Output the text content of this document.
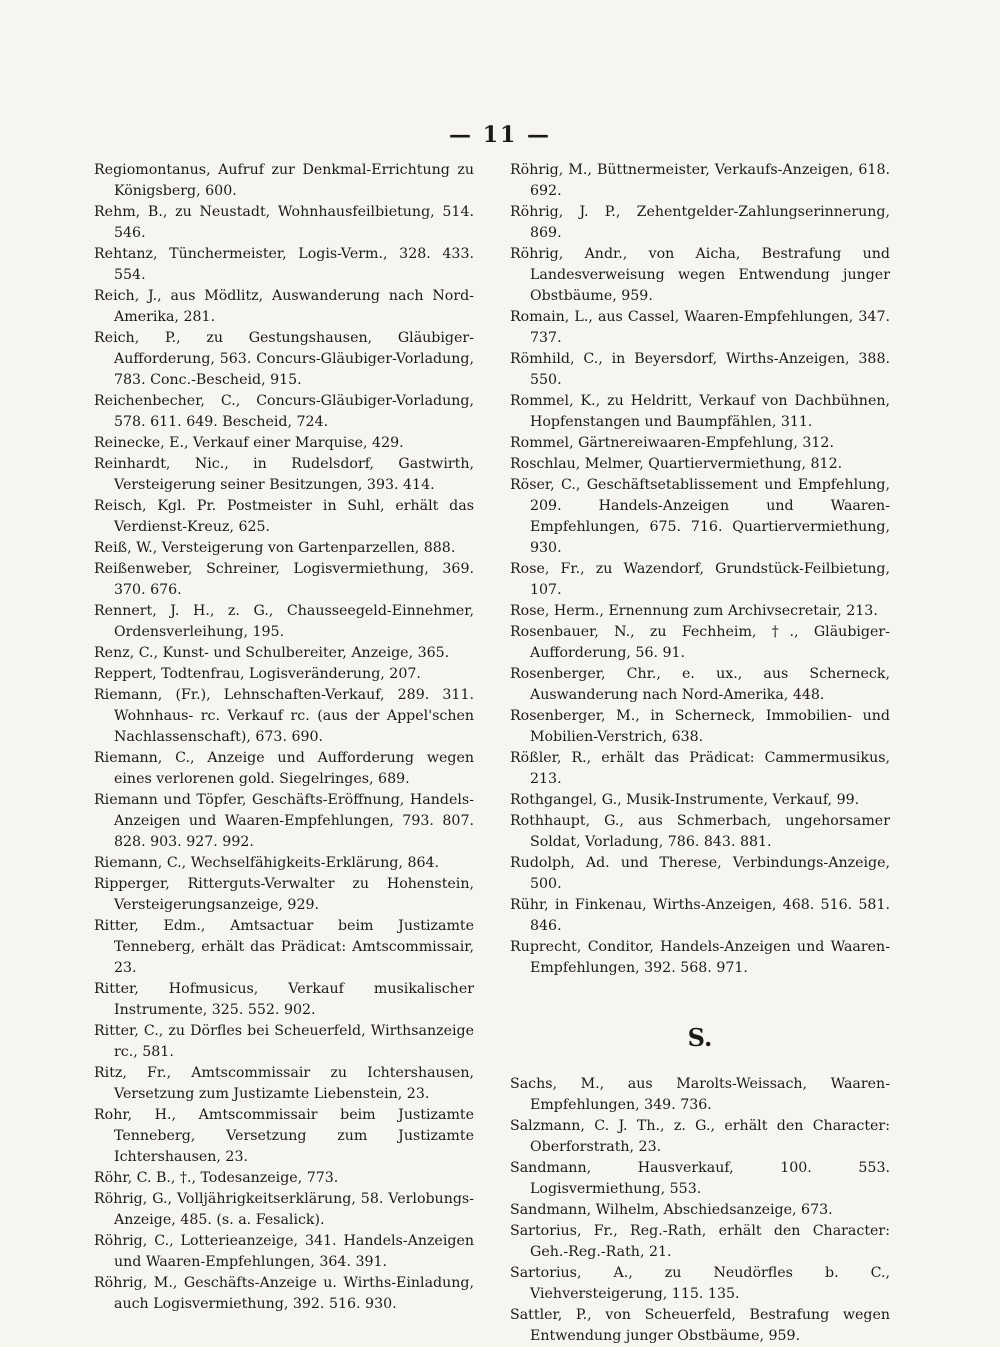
— 11 —

Regiomontanus, Aufruf zur Denkmal-Errichtung zu Königsberg, 600.

Rehm, B., zu Neustadt, Wohnhausfeilbietung, 514. 546.

Rehtanz, Tünchermeister, Logis-Verm., 328. 433. 554.

Reich, J., aus Mödlitz, Auswanderung nach Nord-Amerika, 281.

Reich, P., zu Gestungshausen, Gläubiger-Aufforderung, 563. Concurs-Gläubiger-Vorladung, 783. Conc.-Bescheid, 915.

Reichenbecher, C., Concurs-Gläubiger-Vorladung, 578. 611. 649. Bescheid, 724.

Reinecke, E., Verkauf einer Marquise, 429.

Reinhardt, Nic., in Rudelsdorf, Gastwirth, Versteigerung seiner Besitzungen, 393. 414.

Reisch, Kgl. Pr. Postmeister in Suhl, erhält das Verdienst-Kreuz, 625.

Reiß, W., Versteigerung von Gartenparzellen, 888.

Reißenweber, Schreiner, Logisvermiethung, 369. 370. 676.

Rennert, J. H., z. G., Chausseegeld-Einnehmer, Ordensverleihung, 195.

Renz, C., Kunst- und Schulbereiter, Anzeige, 365.

Reppert, Todtenfrau, Logisveränderung, 207.

Riemann, (Fr.), Lehnschaften-Verkauf, 289. 311. Wohnhaus- rc. Verkauf rc. (aus der Appel'schen Nachlassenschaft), 673. 690.

Riemann, C., Anzeige und Aufforderung wegen eines verlorenen gold. Siegelringes, 689.

Riemann und Töpfer, Geschäfts-Eröffnung, Handels-Anzeigen und Waaren-Empfehlungen, 793. 807. 828. 903. 927. 992.

Riemann, C., Wechselfähigkeits-Erklärung, 864.

Ripperger, Ritterguts-Verwalter zu Hohenstein, Versteigerungsanzeige, 929.

Ritter, Edm., Amtsactuar beim Justizamte Tenneberg, erhält das Prädicat: Amtscommissair, 23.

Ritter, Hofmusicus, Verkauf musikalischer Instrumente, 325. 552. 902.

Ritter, C., zu Dörfles bei Scheuerfeld, Wirthsanzeige rc., 581.

Ritz, Fr., Amtscommissair zu Ichtershausen, Versetzung zum Justizamte Liebenstein, 23.

Rohr, H., Amtscommissair beim Justizamte Tenneberg, Versetzung zum Justizamte Ichtershausen, 23.

Röhr, C. B., †., Todesanzeige, 773.

Röhrig, G., Volljährigkeitserklärung, 58. Verlobungs-Anzeige, 485. (s. a. Fesalick).

Röhrig, C., Lotterieanzeige, 341. Handels-Anzeigen und Waaren-Empfehlungen, 364. 391.

Röhrig, M., Geschäfts-Anzeige u. Wirths-Einladung, auch Logisvermiethung, 392. 516. 930.

Röhrig, M., Büttnermeister, Verkaufs-Anzeigen, 618. 692.

Röhrig, J. P., Zehentgelder-Zahlungserinnerung, 869.

Röhrig, Andr., von Aicha, Bestrafung und Landesverweisung wegen Entwendung junger Obstbäume, 959.

Romain, L., aus Cassel, Waaren-Empfehlungen, 347. 737.

Römhild, C., in Beyersdorf, Wirths-Anzeigen, 388. 550.

Rommel, K., zu Heldritt, Verkauf von Dachbühnen, Hopfenstangen und Baumpfählen, 311.

Rommel, Gärtnereiwaaren-Empfehlung, 312.

Roschlau, Melmer, Quartiervermiethung, 812.

Röser, C., Geschäftsetablissement und Empfehlung, 209. Handels-Anzeigen und Waaren-Empfehlungen, 675. 716. Quartiervermiethung, 930.

Rose, Fr., zu Wazendorf, Grundstück-Feilbietung, 107.

Rose, Herm., Ernennung zum Archivsecretair, 213.

Rosenbauer, N., zu Fechheim, †., Gläubiger-Aufforderung, 56. 91.

Rosenberger, Chr., e. ux., aus Scherneck, Auswanderung nach Nord-Amerika, 448.

Rosenberger, M., in Scherneck, Immobilien- und Mobilien-Verstrich, 638.

Rößler, R., erhält das Prädicat: Cammermusikus, 213.

Rothgangel, G., Musik-Instrumente, Verkauf, 99.

Rothhaupt, G., aus Schmerbach, ungehorsamer Soldat, Vorladung, 786. 843. 881.

Rudolph, Ad. und Therese, Verbindungs-Anzeige, 500.

Rühr, in Finkenau, Wirths-Anzeigen, 468. 516. 581. 846.

Ruprecht, Conditor, Handels-Anzeigen und Waaren-Empfehlungen, 392. 568. 971.

S.

Sachs, M., aus Marolts-Weissach, Waaren-Empfehlungen, 349. 736.

Salzmann, C. J. Th., z. G., erhält den Character: Oberforstrath, 23.

Sandmann, Hausverkauf, 100. 553. Logisvermiethung, 553.

Sandmann, Wilhelm, Abschiedsanzeige, 673.

Sartorius, Fr., Reg.-Rath, erhält den Character: Geh.-Reg.-Rath, 21.

Sartorius, A., zu Neudörfles b. C., Viehversteigerung, 115. 135.

Sattler, P., von Scheuerfeld, Bestrafung wegen Entwendung junger Obstbäume, 959.
